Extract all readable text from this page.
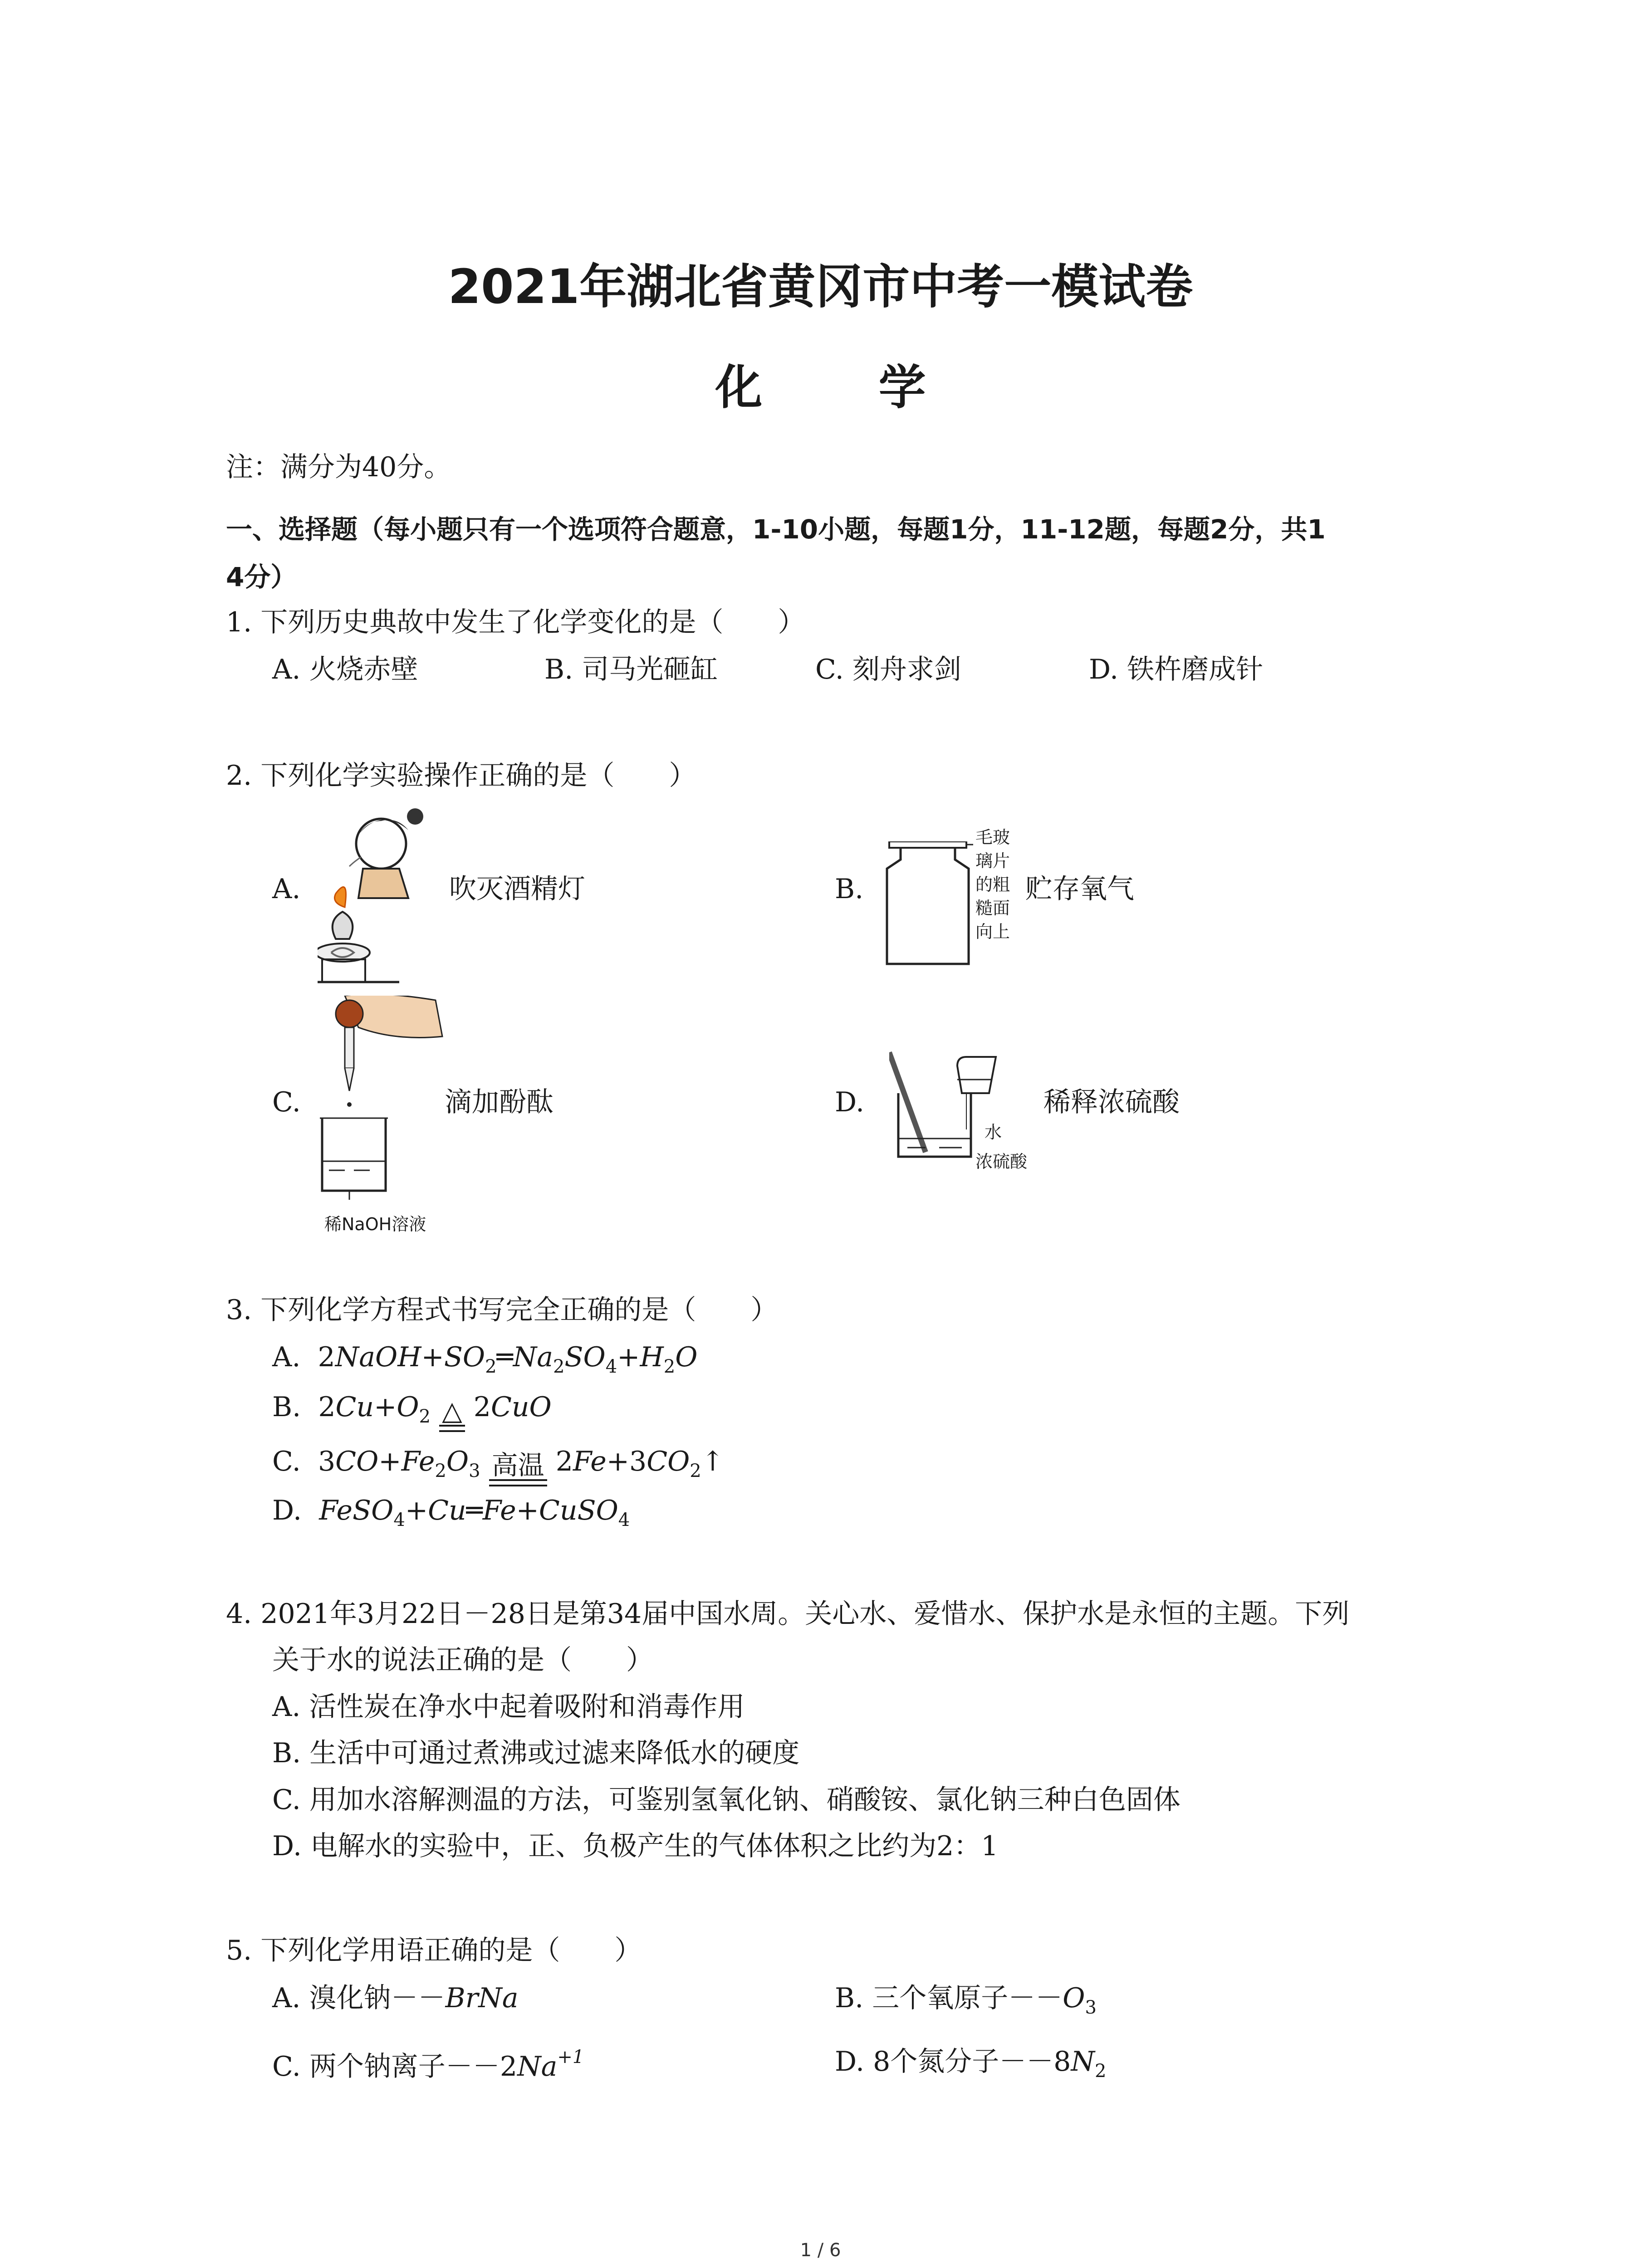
2021年湖北省黄冈市中考一模试卷
化 学
注：满分为40分。
一、选择题（每小题只有一个选项符合题意，1-10小题，每题1分，11-12题，每题2分，共1
4分）
1. 下列历史典故中发生了化学变化的是（　　）
A. 火烧赤壁	B. 司马光砸缸	C. 刻舟求剑	D. 铁杵磨成针
2. 下列化学实验操作正确的是（　　）
A.	吹灭酒精灯	B.
毛玻
璃片
的粗
糙面
向上
贮存氧气
C.	滴加酚酞
稀NaOH溶液
D.
水
浓硫酸
稀释浓硫酸
3. 下列化学方程式书写完全正确的是（　　）
A.  $2NaOH+SO_2═Na_2SO_4+H_2O$
B.  $2Cu+O_2$ △ 2CuO
C.  $3CO+Fe_2O_3$ 高温 $2Fe+3CO_2↑$
D. FeSO$_4$+Cu═Fe+CuSO$_4$
4. 2021年3月22日－28日是第34届中国水周。关心水、爱惜水、保护水是永恒的主题。下列
关于水的说法正确的是（　　）
A. 活性炭在净水中起着吸附和消毒作用
B. 生活中可通过煮沸或过滤来降低水的硬度
C. 用加水溶解测温的方法，可鉴别氢氧化钠、硝酸铵、氯化钠三种白色固体
D. 电解水的实验中，正、负极产生的气体体积之比约为2：1
5. 下列化学用语正确的是（　　）
A. 溴化钠－－BrNa	B. 三个氧原子$--O_3$
C. 两个钠离子$--2Na^{+1}$	D. 8个氮分子$--8N_2$
1 / 6
